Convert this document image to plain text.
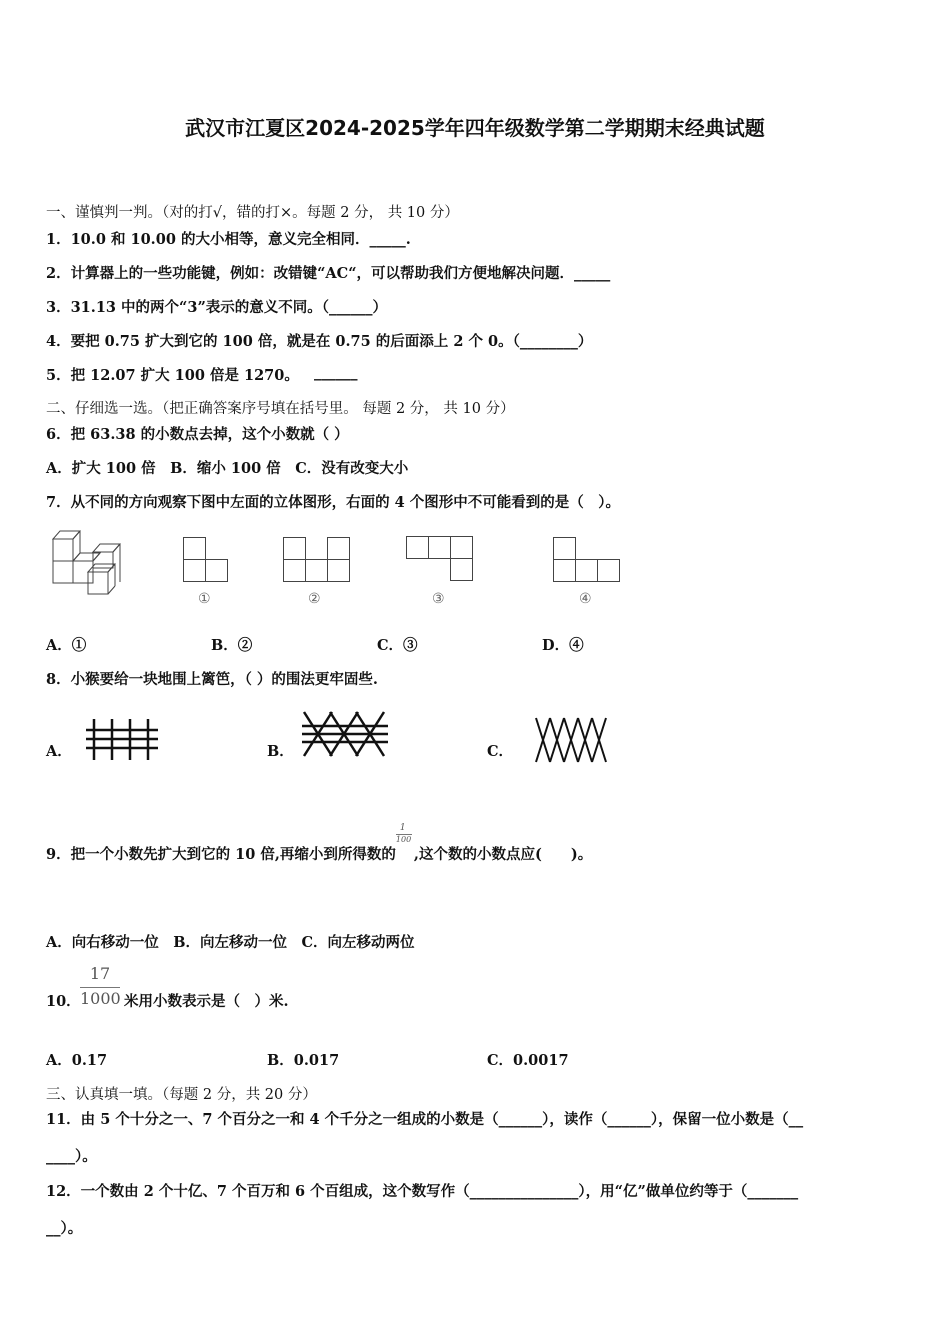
武汉市江夏区2024-2025学年四年级数学第二学期期末经典试题
一、谨慎判一判。（对的打√，错的打×。每题 2 分， 共 10 分）
1．10.0 和 10.00 的大小相等，意义完全相同．_____.
2．计算器上的一些功能键，例如：改错键“AC“，可以帮助我们方便地解决问题．_____
3．31.13 中的两个“3”表示的意义不同。（______）
4．要把 0.75 扩大到它的 100 倍，就是在 0.75 的后面添上 2 个 0。（________）
5．把 12.07 扩大 100 倍是 1270。 ______
二、仔细选一选。（把正确答案序号填在括号里。 每题 2 分， 共 10 分）
6．把 63.38 的小数点去掉，这个小数就（ ）
A．扩大 100 倍　B．缩小 100 倍　C．没有改变大小
7．从不同的方向观察下图中左面的立体图形，右面的 4 个图形中不可能看到的是（　）。
①	②	③	④
A．①	B．②	C．③	D．④
8．小猴要给一块地围上篱笆，（ ）的围法更牢固些.
A．	B．	C．
9．把一个小数先扩大到它的 10 倍,再缩小到所得数的 $\frac{1}{100}$ ,这个数的小数点应(　　)。
A．向右移动一位　B．向左移动一位　C．向左移动两位
10．
17
1000 米用小数表示是（　）米.
A．0.17	B．0.017	C．0.0017
三、认真填一填。（每题 2 分，共 20 分）
11．由 5 个十分之一、7 个百分之一和 4 个千分之一组成的小数是（______），读作（______），保留一位小数是（__
____）。
12．一个数由 2 个十亿、7 个百万和 6 个百组成，这个数写作（_______________），用“亿”做单位约等于（_______
__）。
